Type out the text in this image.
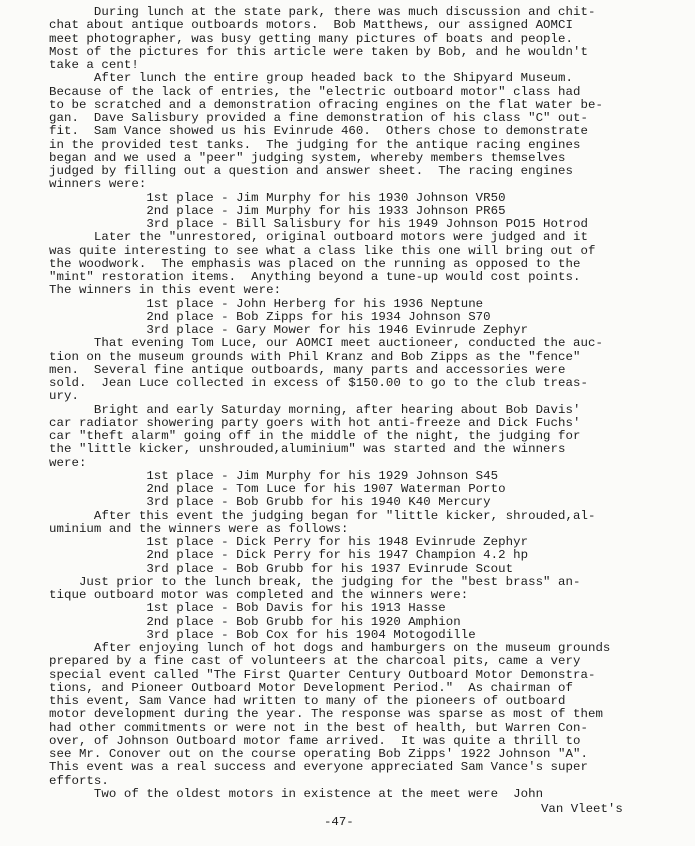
During lunch at the state park, there was much discussion and chit-
chat about antique outboards motors.  Bob Matthews, our assigned AOMCI
meet photographer, was busy getting many pictures of boats and people.
Most of the pictures for this article were taken by Bob, and he wouldn't
take a cent!
After lunch the entire group headed back to the Shipyard Museum.
Because of the lack of entries, the "electric outboard motor" class had
to be scratched and a demonstration ofracing engines on the flat water be-
gan.  Dave Salisbury provided a fine demonstration of his class "C" out-
fit.  Sam Vance showed us his Evinrude 460.  Others chose to demonstrate
in the provided test tanks.  The judging for the antique racing engines
began and we used a "peer" judging system, whereby members themselves
judged by filling out a question and answer sheet.  The racing engines
winners were:
1st place - Jim Murphy for his 1930 Johnson VR50
2nd place - Jim Murphy for his 1933 Johnson PR65
3rd place - Bill Salisbury for his 1949 Johnson PO15 Hotrod
Later the "unrestored, original outboard motors were judged and it
was quite interesting to see what a class like this one will bring out of
the woodwork.  The emphasis was placed on the running as opposed to the
"mint" restoration items.  Anything beyond a tune-up would cost points.
The winners in this event were:
1st place - John Herberg for his 1936 Neptune
2nd place - Bob Zipps for his 1934 Johnson S70
3rd place - Gary Mower for his 1946 Evinrude Zephyr
That evening Tom Luce, our AOMCI meet auctioneer, conducted the auc-
tion on the museum grounds with Phil Kranz and Bob Zipps as the "fence"
men.  Several fine antique outboards, many parts and accessories were
sold.  Jean Luce collected in excess of $150.00 to go to the club treas-
ury.
Bright and early Saturday morning, after hearing about Bob Davis'
car radiator showering party goers with hot anti-freeze and Dick Fuchs'
car "theft alarm" going off in the middle of the night, the judging for
the "little kicker, unshrouded,aluminium" was started and the winners
were:
1st place - Jim Murphy for his 1929 Johnson S45
2nd place - Tom Luce for his 1907 Waterman Porto
3rd place - Bob Grubb for his 1940 K40 Mercury
After this event the judging began for "little kicker, shrouded,al-
uminium and the winners were as follows:
1st place - Dick Perry for his 1948 Evinrude Zephyr
2nd place - Dick Perry for his 1947 Champion 4.2 hp
3rd place - Bob Grubb for his 1937 Evinrude Scout
Just prior to the lunch break, the judging for the "best brass" an-
tique outboard motor was completed and the winners were:
1st place - Bob Davis for his 1913 Hasse
2nd place - Bob Grubb for his 1920 Amphion
3rd place - Bob Cox for his 1904 Motogodille
After enjoying lunch of hot dogs and hamburgers on the museum grounds
prepared by a fine cast of volunteers at the charcoal pits, came a very
special event called "The First Quarter Century Outboard Motor Demonstra-
tions, and Pioneer Outboard Motor Development Period."  As chairman of
this event, Sam Vance had written to many of the pioneers of outboard
motor development during the year. The response was sparse as most of them
had other commitments or were not in the best of health, but Warren Con-
over, of Johnson Outboard motor fame arrived.  It was quite a thrill to
see Mr. Conover out on the course operating Bob Zipps' 1922 Johnson "A".
This event was a real success and everyone appreciated Sam Vance's super
efforts.
Two of the oldest motors in existence at the meet were  John
Van Vleet's
-47-
